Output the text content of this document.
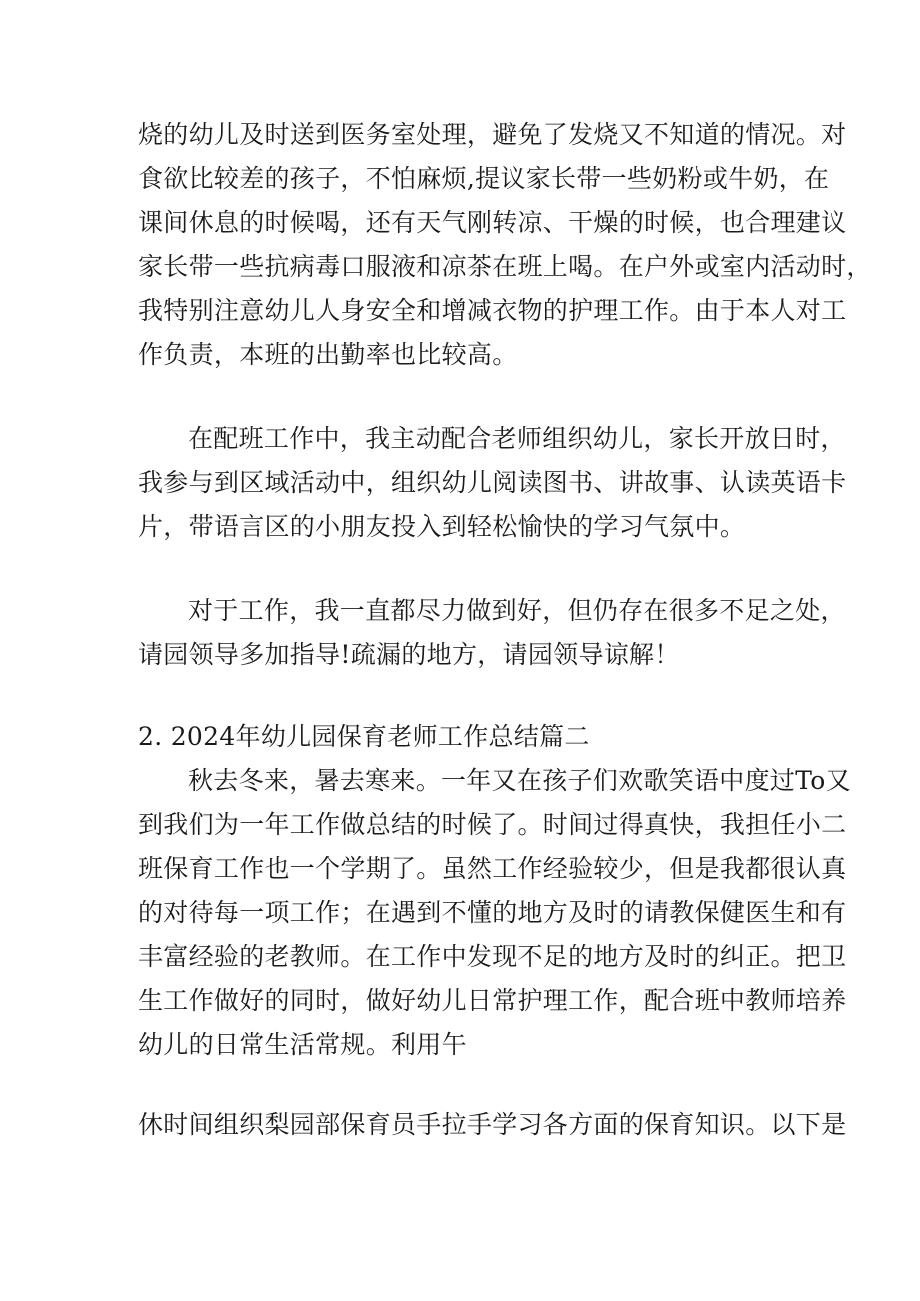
烧的幼儿及时送到医务室处理，避免了发烧又不知道的情况。对
食欲比较差的孩子，不怕麻烦,提议家长带一些奶粉或牛奶，在
课间休息的时候喝，还有天气刚转凉、干燥的时候，也合理建议
家长带一些抗病毒口服液和凉茶在班上喝。在户外或室内活动时，
我特别注意幼儿人身安全和增减衣物的护理工作。由于本人对工
作负责，本班的出勤率也比较高。
在配班工作中，我主动配合老师组织幼儿，家长开放日时，
我参与到区域活动中，组织幼儿阅读图书、讲故事、认读英语卡
片，带语言区的小朋友投入到轻松愉快的学习气氛中。
对于工作，我一直都尽力做到好，但仍存在很多不足之处，
请园领导多加指导!疏漏的地方，请园领导谅解！
2. 2024年幼儿园保育老师工作总结篇二
秋去冬来，暑去寒来。一年又在孩子们欢歌笑语中度过To又
到我们为一年工作做总结的时候了。时间过得真快，我担任小二
班保育工作也一个学期了。虽然工作经验较少，但是我都很认真
的对待每一项工作；在遇到不懂的地方及时的请教保健医生和有
丰富经验的老教师。在工作中发现不足的地方及时的纠正。把卫
生工作做好的同时，做好幼儿日常护理工作，配合班中教师培养
幼儿的日常生活常规。利用午
休时间组织梨园部保育员手拉手学习各方面的保育知识。以下是
